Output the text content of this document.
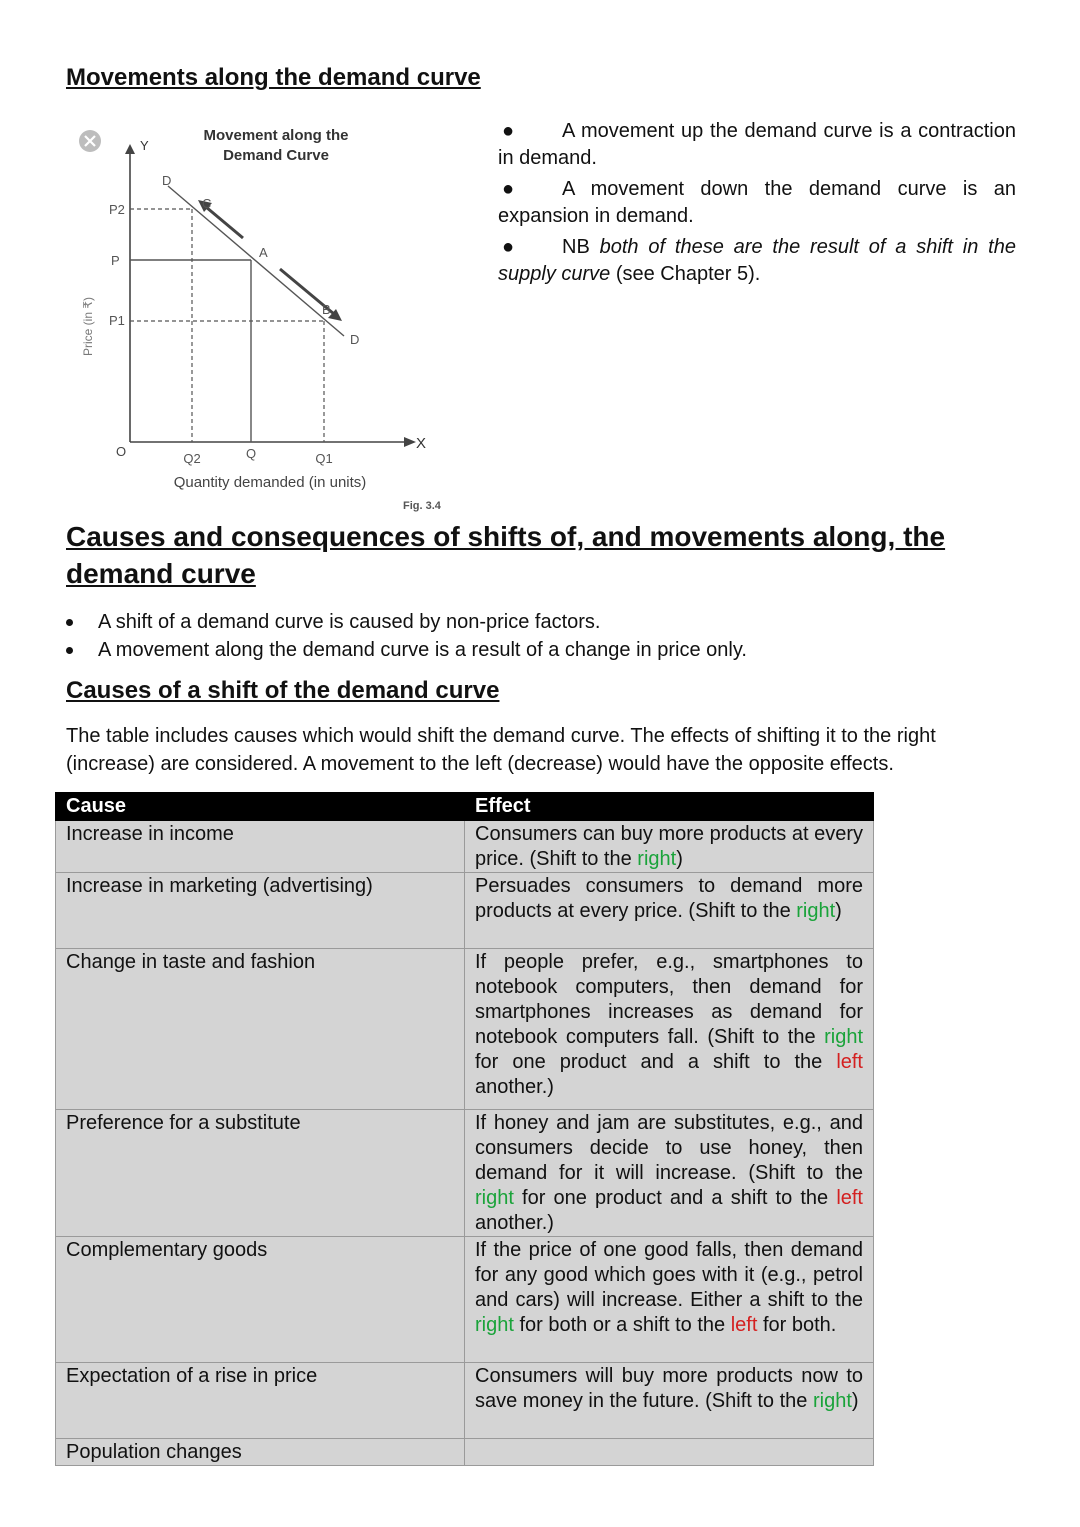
Movements along the demand curve
Movement along the
Demand Curve
Y
X
O
Price (in ₹)
P2
P
P1
D
D
C
A
B
Q2	Q	Q1
Quantity demanded (in units)
Fig. 3.4

● A movement up the demand curve is a contraction in demand.

● A movement down the demand curve is an expansion in demand.

● NB both of these are the result of a shift in the supply curve (see Chapter 5).

Causes and consequences of shifts of, and movements along, the demand curve
A shift of a demand curve is caused by non-price factors.
A movement along the demand curve is a result of a change in price only.
Causes of a shift of the demand curve

The table includes causes which would shift the demand curve. The effects of shifting it to the right (increase) are considered. A movement to the left (decrease) would have the opposite effects.

Cause	Effect
Increase in income	Consumers can buy more products at every price. (Shift to the right)
Increase in marketing (advertising)	Persuades consumers to demand more products at every price. (Shift to the right)
Change in taste and fashion	If people prefer, e.g., smartphones to notebook computers, then demand for smartphones increases as demand for notebook computers fall. (Shift to the right for one product and a shift to the left another.)
Preference for a substitute	If honey and jam are substitutes, e.g., and consumers decide to use honey, then demand for it will increase. (Shift to the right for one product and a shift to the left another.)
Complementary goods	If the price of one good falls, then demand for any good which goes with it (e.g., petrol and cars) will increase. Either a shift to the right for both or a shift to the left for both.
Expectation of a rise in price	Consumers will buy more products now to save money in the future. (Shift to the right)
Population changes	
